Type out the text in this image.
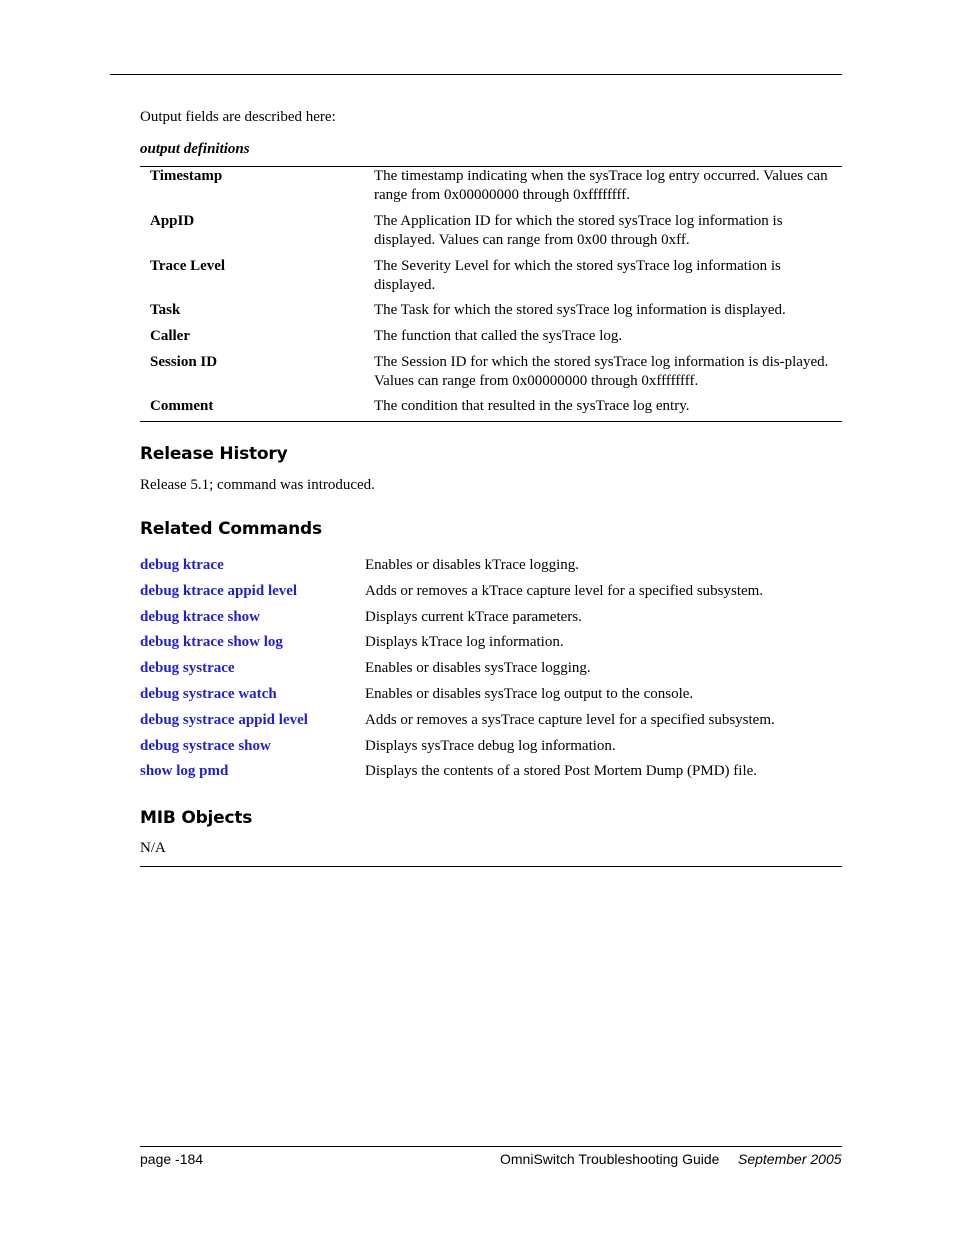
Output fields are described here:
output definitions
Timestamp	The timestamp indicating when the sysTrace log entry occurred. Values can range from 0x00000000 through 0xffffffff.
AppID	The Application ID for which the stored sysTrace log information is displayed. Values can range from 0x00 through 0xff.
Trace Level	The Severity Level for which the stored sysTrace log information is displayed.
Task	The Task for which the stored sysTrace log information is displayed.
Caller	The function that called the sysTrace log.
Session ID	The Session ID for which the stored sysTrace log information is dis-played. Values can range from 0x00000000 through 0xffffffff.
Comment	The condition that resulted in the sysTrace log entry.
Release History
Release 5.1; command was introduced.
Related Commands
debug ktrace	Enables or disables kTrace logging.
debug ktrace appid level	Adds or removes a kTrace capture level for a specified subsystem.
debug ktrace show	Displays current kTrace parameters.
debug ktrace show log	Displays kTrace log information.
debug systrace	Enables or disables sysTrace logging.
debug systrace watch	Enables or disables sysTrace log output to the console.
debug systrace appid level	Adds or removes a sysTrace capture level for a specified subsystem.
debug systrace show	Displays sysTrace debug log information.
show log pmd	Displays the contents of a stored Post Mortem Dump (PMD) file.
MIB Objects
N/A
page -184	OmniSwitch Troubleshooting Guide September 2005
